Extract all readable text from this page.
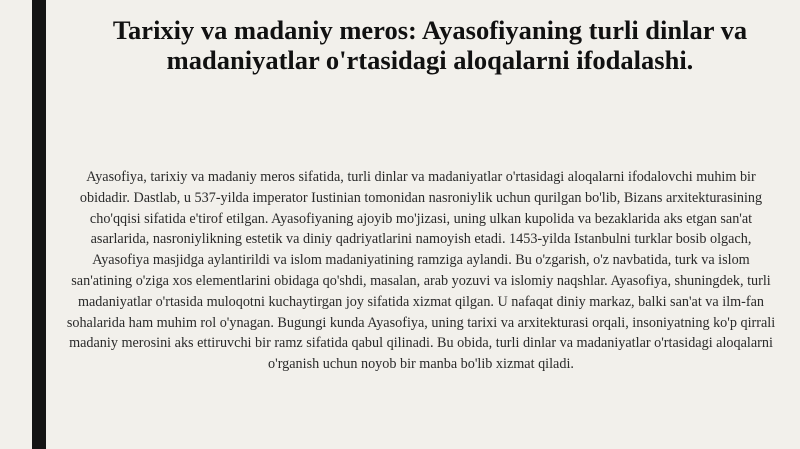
Tarixiy va madaniy meros: Ayasofiyaning turli dinlar va madaniyatlar o'rtasidagi aloqalarni ifodalashi.

Ayasofiya, tarixiy va madaniy meros sifatida, turli dinlar va madaniyatlar o'rtasidagi aloqalarni ifodalovchi muhim bir obidadir. Dastlab, u 537-yilda imperator Iustinian tomonidan nasroniylik uchun qurilgan bo'lib, Bizans arxitekturasining cho'qqisi sifatida e'tirof etilgan. Ayasofiyaning ajoyib mo'jizasi, uning ulkan kupolida va bezaklarida aks etgan san'at asarlarida, nasroniylikning estetik va diniy qadriyatlarini namoyish etadi. 1453-yilda Istanbulni turklar bosib olgach, Ayasofiya masjidga aylantirildi va islom madaniyatining ramziga aylandi. Bu o'zgarish, o'z navbatida, turk va islom san'atining o'ziga xos elementlarini obidaga qo'shdi, masalan, arab yozuvi va islomiy naqshlar. Ayasofiya, shuningdek, turli madaniyatlar o'rtasida muloqotni kuchaytirgan joy sifatida xizmat qilgan. U nafaqat diniy markaz, balki san'at va ilm-fan sohalarida ham muhim rol o'ynagan. Bugungi kunda Ayasofiya, uning tarixi va arxitekturasi orqali, insoniyatning ko'p qirrali madaniy merosini aks ettiruvchi bir ramz sifatida qabul qilinadi. Bu obida, turli dinlar va madaniyatlar o'rtasidagi aloqalarni o'rganish uchun noyob bir manba bo'lib xizmat qiladi.
